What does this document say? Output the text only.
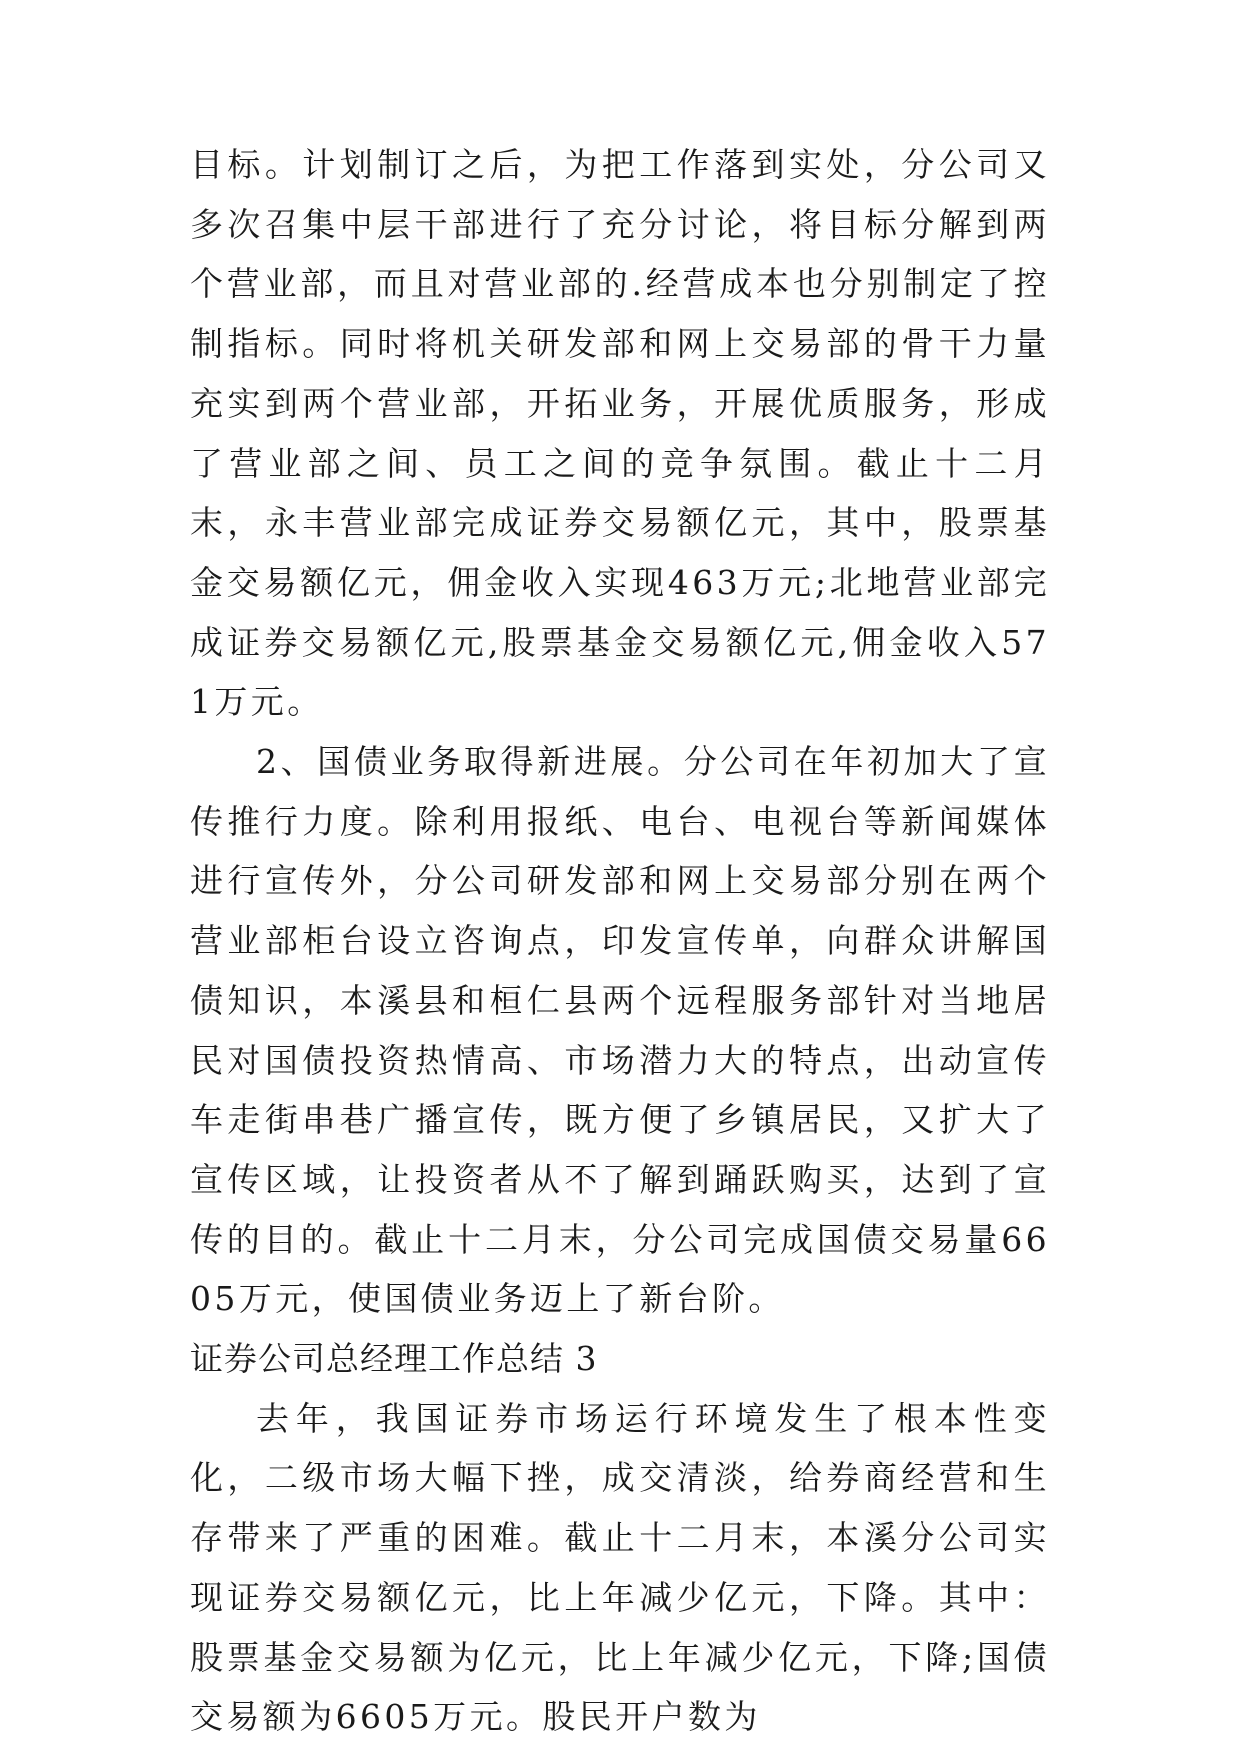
目标。计划制订之后，为把工作落到实处，分公司又多次召集中层干部进行了充分讨论，将目标分解到两个营业部，而且对营业部的.经营成本也分别制定了控制指标。同时将机关研发部和网上交易部的骨干力量充实到两个营业部，开拓业务，开展优质服务，形成了营业部之间、员工之间的竞争氛围。截止十二月末，永丰营业部完成证券交易额亿元，其中，股票基金交易额亿元，佣金收入实现463万元;北地营业部完成证券交易额亿元,股票基金交易额亿元,佣金收入571万元。

2、国债业务取得新进展。分公司在年初加大了宣传推行力度。除利用报纸、电台、电视台等新闻媒体进行宣传外，分公司研发部和网上交易部分别在两个营业部柜台设立咨询点，印发宣传单，向群众讲解国债知识，本溪县和桓仁县两个远程服务部针对当地居民对国债投资热情高、市场潜力大的特点，出动宣传车走街串巷广播宣传，既方便了乡镇居民，又扩大了宣传区域，让投资者从不了解到踊跃购买，达到了宣传的目的。截止十二月末，分公司完成国债交易量6605万元，使国债业务迈上了新台阶。

证券公司总经理工作总结 3

去年，我国证券市场运行环境发生了根本性变化，二级市场大幅下挫，成交清淡，给券商经营和生存带来了严重的困难。截止十二月末，本溪分公司实现证券交易额亿元，比上年减少亿元，下降。其中：股票基金交易额为亿元，比上年减少亿元，下降;国债交易额为6605万元。股民开户数为
